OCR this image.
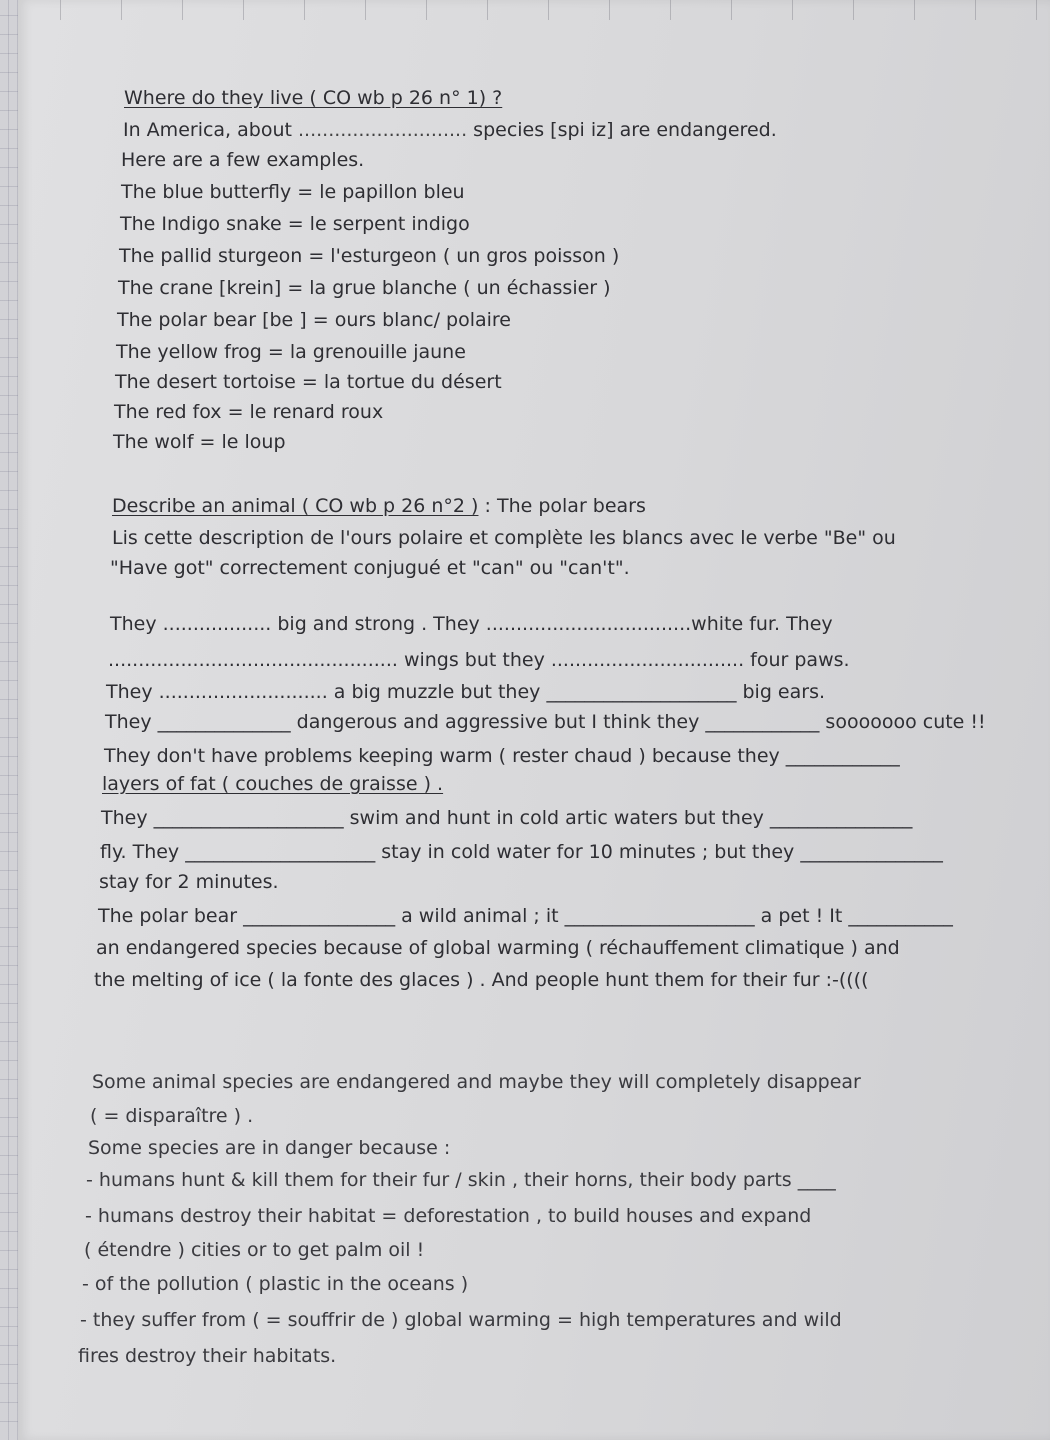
Where do they live ( CO wb p 26 n° 1) ?
In America, about ............................ species [spi iz] are endangered.
Here are a few examples.
The blue butterfly = le papillon bleu
The Indigo snake = le serpent indigo
The pallid sturgeon = l'esturgeon ( un gros poisson )
The crane [krein] = la grue blanche ( un échassier )
The polar bear [be ] = ours blanc/ polaire
The yellow frog = la grenouille jaune
The desert tortoise = la tortue du désert
The red fox = le renard roux
The wolf = le loup
Describe an animal ( CO wb p 26 n°2 ) : The polar bears
Lis cette description de l'ours polaire et complète les blancs avec le verbe "Be" ou
"Have got" correctement conjugué et "can" ou "can't".
They .................. big and strong . They ..................................white fur. They
................................................ wings but they ................................ four paws.
They ............................ a big muzzle but they ____________________ big ears.
They ______________ dangerous and aggressive but I think they ____________ sooooooo cute !!
They don't have problems keeping warm ( rester chaud ) because they ____________
layers of fat ( couches de graisse ) .
They ____________________ swim and hunt in cold artic waters but they _______________
fly. They ____________________ stay in cold water for 10 minutes ; but they _______________
stay for 2 minutes.
The polar bear ________________ a wild animal ; it ____________________ a pet ! It ___________
an endangered species because of global warming ( réchauffement climatique ) and
the melting of ice ( la fonte des glaces ) . And people hunt them for their fur :-((((
Some animal species are endangered and maybe they will completely disappear
( = disparaître ) .
Some species are in danger because :
- humans hunt & kill them for their fur / skin , their horns, their body parts ____
- humans destroy their habitat = deforestation , to build houses and expand
( étendre ) cities or to get palm oil !
- of the pollution ( plastic in the oceans )
- they suffer from ( = souffrir de ) global warming = high temperatures and wild
fires destroy their habitats.
